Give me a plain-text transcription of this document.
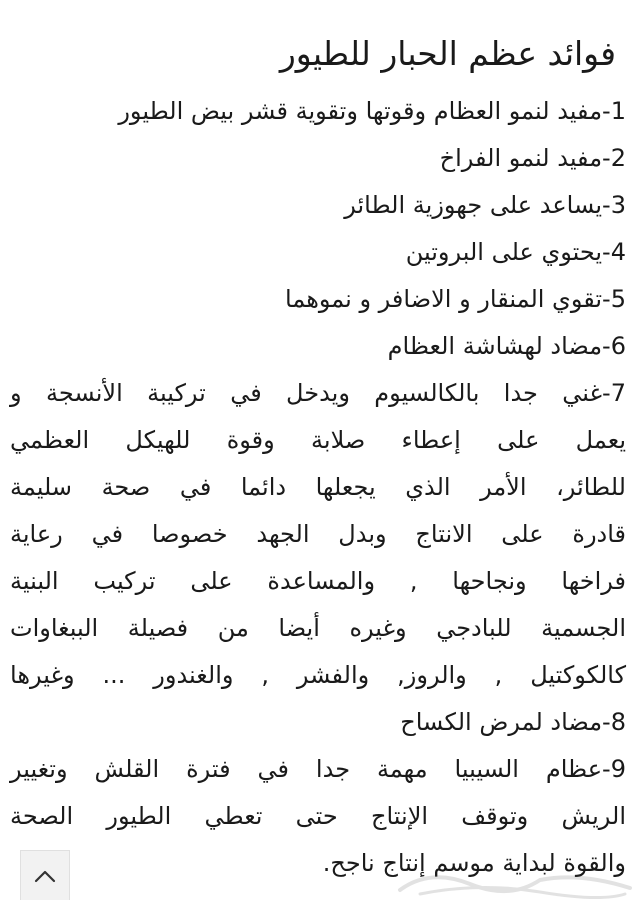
فوائد عظم الحبار للطيور
1-مفيد لنمو العظام وقوتها وتقوية قشر بيض الطيور
2-مفيد لنمو الفراخ
3-يساعد على جهوزية الطائر
4-يحتوي على البروتين
5-تقوي المنقار و الاضافر و نموهما
6-مضاد لهشاشة العظام
7-غني جدا بالكالسيوم ويدخل في تركيبة الأنسجة و
يعمل على إعطاء صلابة وقوة للهيكل العظمي
للطائر، الأمر الذي يجعلها دائما في صحة سليمة
قادرة على الانتاج وبدل الجهد خصوصا في رعاية
فراخها ونجاحها , والمساعدة على تركيب البنية
الجسمية للبادجي وغيره أيضا من فصيلة الببغاوات
كالكوكتيل , والروز, والفشر , والغندور ... وغيرها
8-مضاد لمرض الكساح
9-عظام السيبيا مهمة جدا في فترة القلش وتغيير
الريش وتوقف الإنتاج حتى تعطي الطيور الصحة
والقوة لبداية موسم إنتاج ناجح.
